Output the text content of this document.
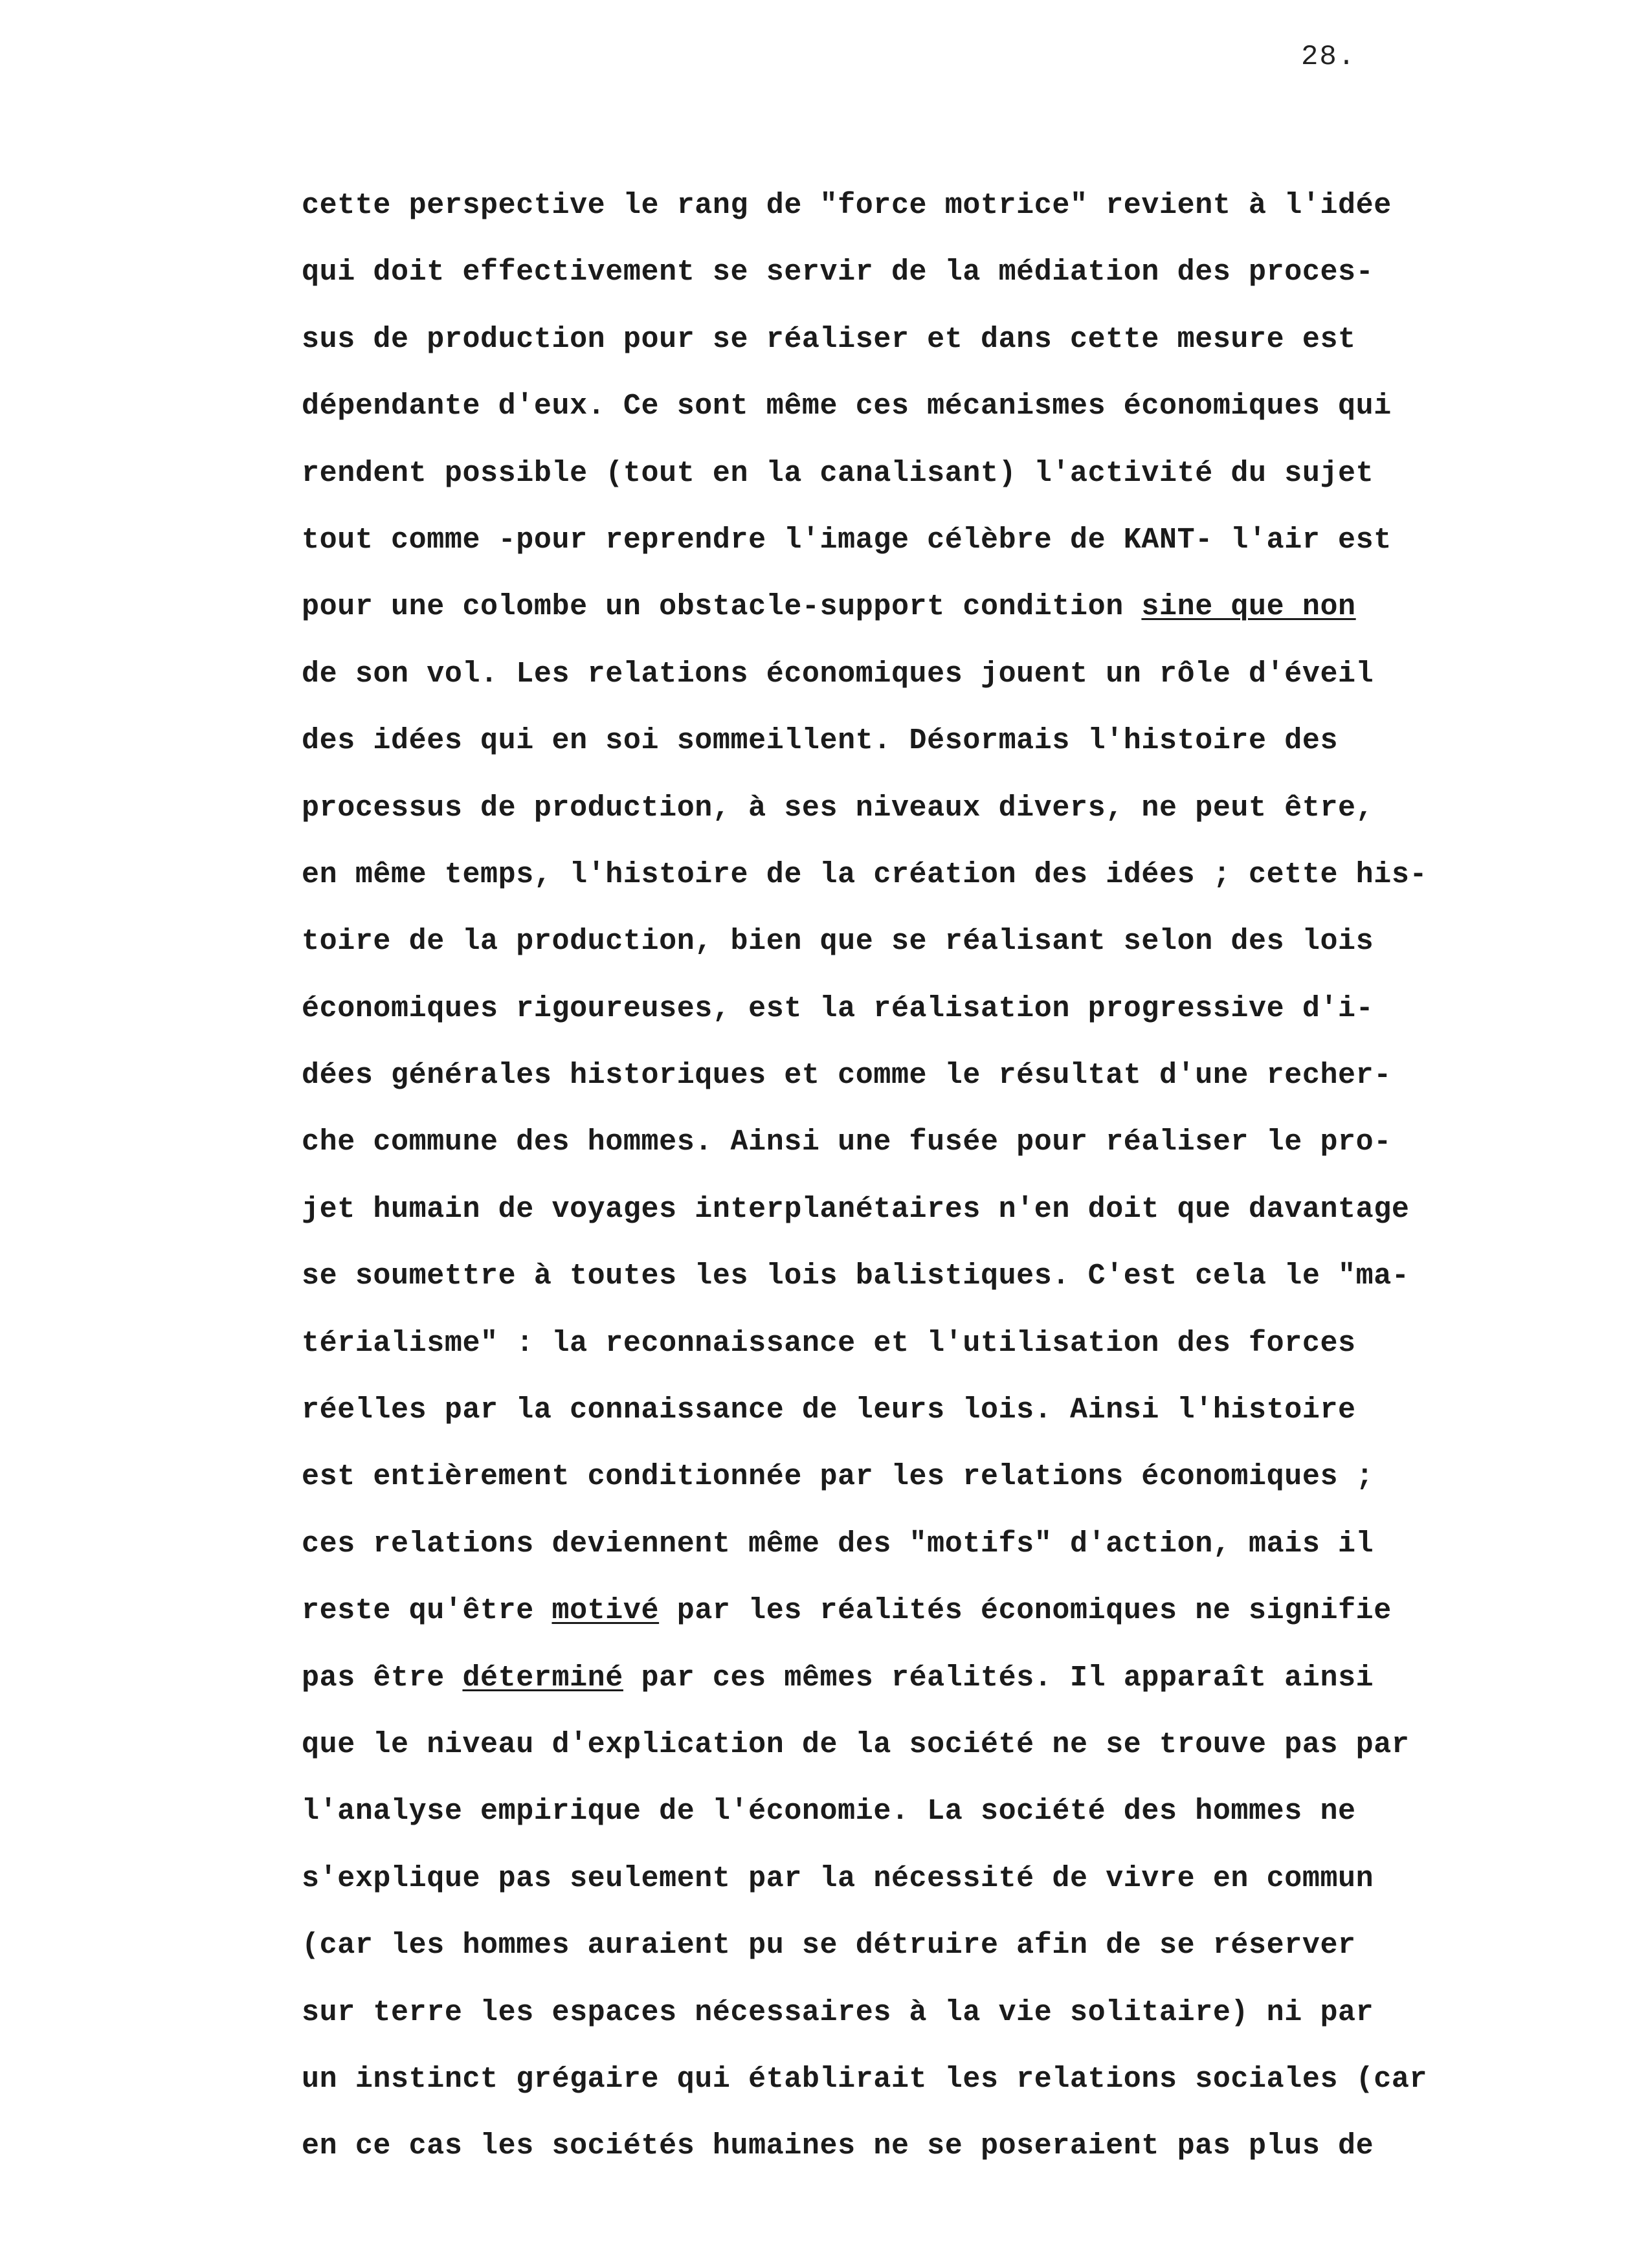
28.
cette perspective le rang de "force motrice" revient à l'idée
qui doit effectivement se servir de la médiation des proces-
sus de production pour se réaliser et dans cette mesure est
dépendante d'eux. Ce sont même ces mécanismes économiques qui
rendent possible (tout en la canalisant) l'activité du sujet
tout comme -pour reprendre l'image célèbre de KANT- l'air est
pour une colombe un obstacle-support condition sine que non
de son vol. Les relations économiques jouent un rôle d'éveil
des idées qui en soi sommeillent. Désormais l'histoire des
processus de production, à ses niveaux divers, ne peut être,
en même temps, l'histoire de la création des idées ; cette his-
toire de la production, bien que se réalisant selon des lois
économiques rigoureuses, est la réalisation progressive d'i-
dées générales historiques et comme le résultat d'une recher-
che commune des hommes. Ainsi une fusée pour réaliser le pro-
jet humain de voyages interplanétaires n'en doit que davantage
se soumettre à toutes les lois balistiques. C'est cela le "ma-
térialisme" : la reconnaissance et l'utilisation des forces
réelles par la connaissance de leurs lois. Ainsi l'histoire
est entièrement conditionnée par les relations économiques ;
ces relations deviennent même des "motifs" d'action, mais il
reste qu'être motivé par les réalités économiques ne signifie
pas être déterminé par ces mêmes réalités. Il apparaît ainsi
que le niveau d'explication de la société ne se trouve pas par
l'analyse empirique de l'économie. La société des hommes ne
s'explique pas seulement par la nécessité de vivre en commun
(car les hommes auraient pu se détruire afin de se réserver
sur terre les espaces nécessaires à la vie solitaire) ni par
un instinct grégaire qui établirait les relations sociales (car
en ce cas les sociétés humaines ne se poseraient pas plus de
